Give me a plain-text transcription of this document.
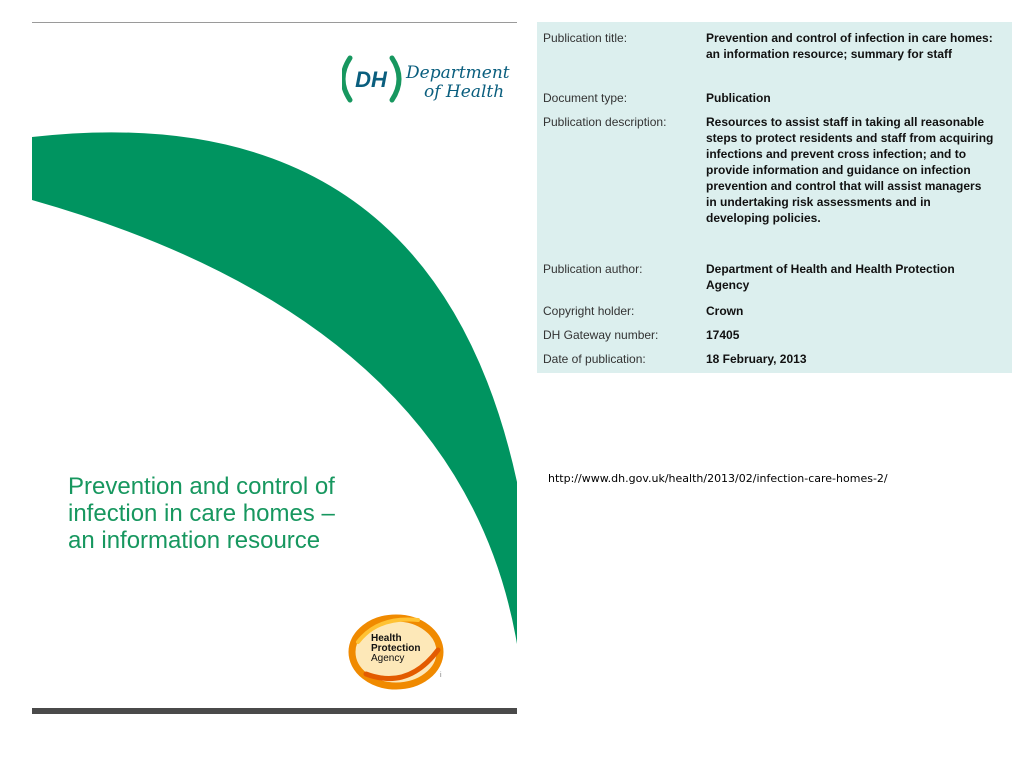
DH Department
of Health
Prevention and control of
infection in care homes –
an information resource
Health
Protection
Agency
i
Publication title:	Prevention and control of infection in care homes: an information resource; summary for staff
Document type:	Publication
Publication description:	Resources to assist staff in taking all reasonable steps to protect residents and staff from acquiring infections and prevent cross infection; and to provide information and guidance on infection prevention and control that will assist managers in undertaking risk assessments and in developing policies.
Publication author:	Department of Health and Health Protection Agency
Copyright holder:	Crown
DH Gateway number:	17405
Date of publication:	18 February, 2013
http://www.dh.gov.uk/health/2013/02/infection-care-homes-2/
